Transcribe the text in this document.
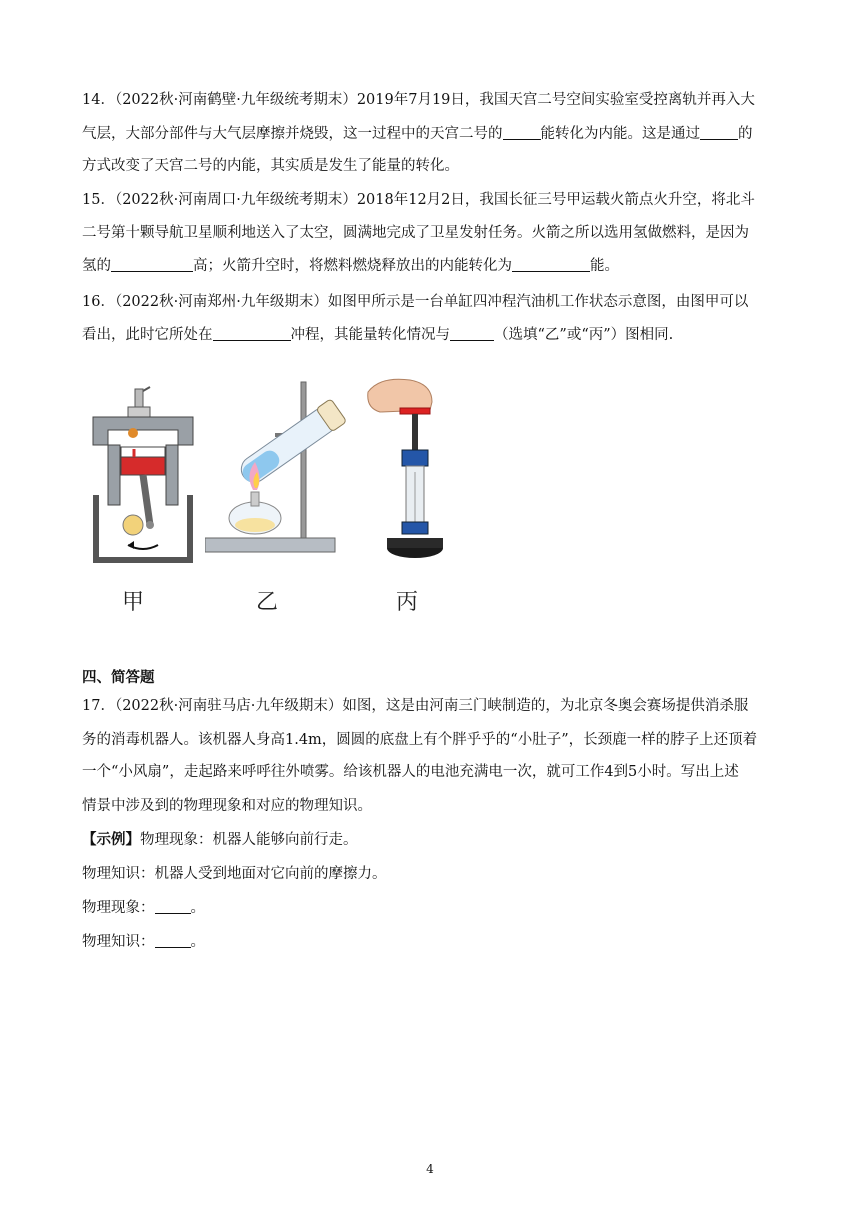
14．（2022秋·河南鹤壁·九年级统考期末）2019年7月19日，我国天宫二号空间实验室受控离轨并再入大
气层，大部分部件与大气层摩擦并烧毁，这一过程中的天宫二号的	能转化为内能。这是通过	的
方式改变了天宫二号的内能，其实质是发生了能量的转化。
15．（2022秋·河南周口·九年级统考期末）2018年12月2日，我国长征三号甲运载火箭点火升空，将北斗
二号第十颗导航卫星顺利地送入了太空，圆满地完成了卫星发射任务。火箭之所以选用氢做燃料，是因为
氢的	高；火箭升空时，将燃料燃烧释放出的内能转化为	能。
16．（2022秋·河南郑州·九年级期末）如图甲所示是一台单缸四冲程汽油机工作状态示意图，由图甲可以
看出，此时它所处在	冲程，其能量转化情况与	（选填“乙”或“丙”）图相同.
甲	乙	丙
四、简答题
17．（2022秋·河南驻马店·九年级期末）如图，这是由河南三门峡制造的，为北京冬奥会赛场提供消杀服
务的消毒机器人。该机器人身高1.4m，圆圆的底盘上有个胖乎乎的“小肚子”，长颈鹿一样的脖子上还顶着
一个“小风扇”，走起路来呼呼往外喷雾。给该机器人的电池充满电一次，就可工作4到5小时。写出上述
情景中涉及到的物理现象和对应的物理知识。
【示例】物理现象：机器人能够向前行走。
物理知识：机器人受到地面对它向前的摩擦力。
物理现象： 。
物理知识： 。
4
